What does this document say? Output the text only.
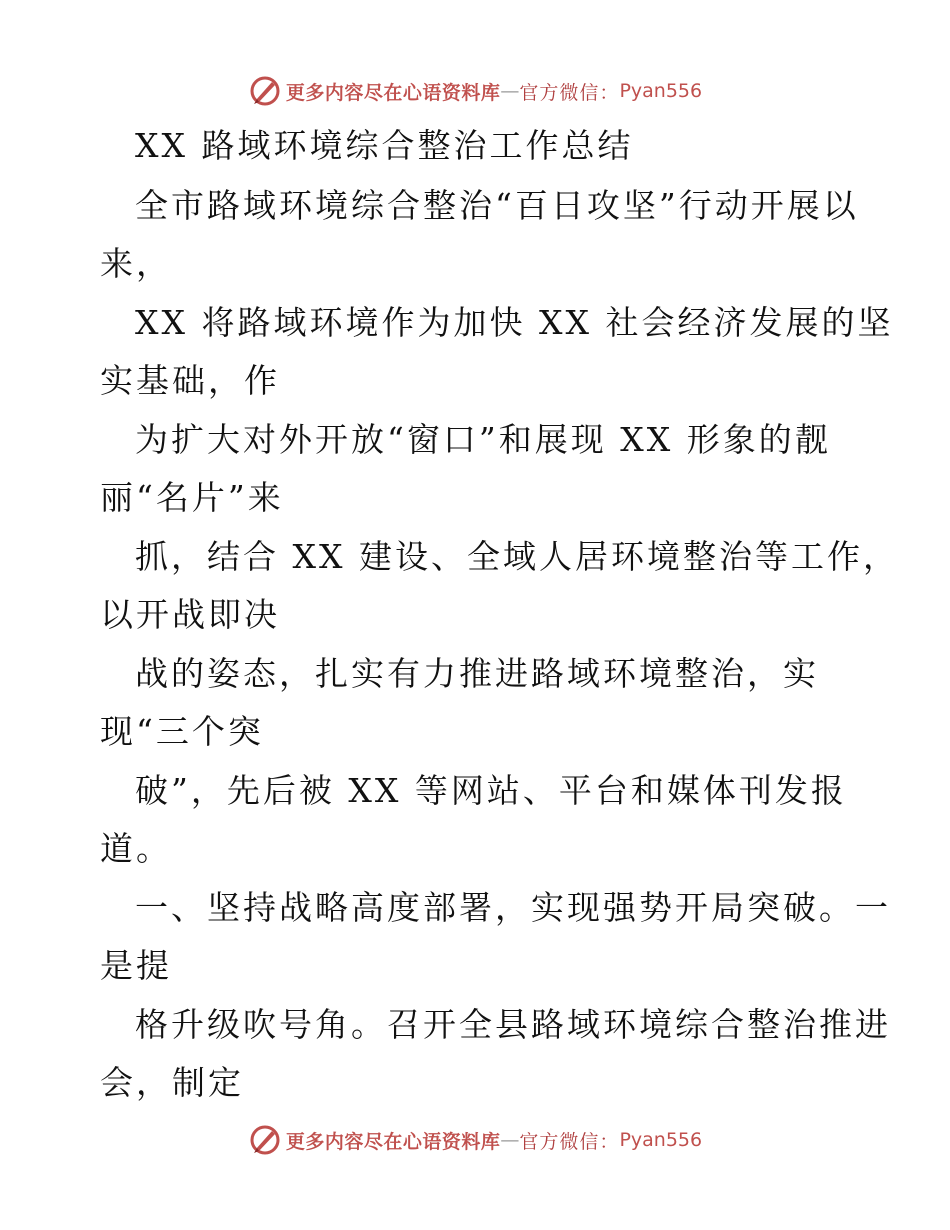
更多内容尽在心语资料库 — 官方微信： Pyan556
XX 路域环境综合整治工作总结
全市路域环境综合整治“百日攻坚”行动开展以
来，
XX 将路域环境作为加快 XX 社会经济发展的坚
实基础，作
为扩大对外开放“窗口”和展现 XX 形象的靓
丽“名片”来
抓，结合 XX 建设、全域人居环境整治等工作，
以开战即决
战的姿态，扎实有力推进路域环境整治，实
现“三个突
破”，先后被 XX 等网站、平台和媒体刊发报
道。
一、坚持战略高度部署，实现强势开局突破。一
是提
格升级吹号角。召开全县路域环境综合整治推进
会，制定
更多内容尽在心语资料库 — 官方微信： Pyan556
